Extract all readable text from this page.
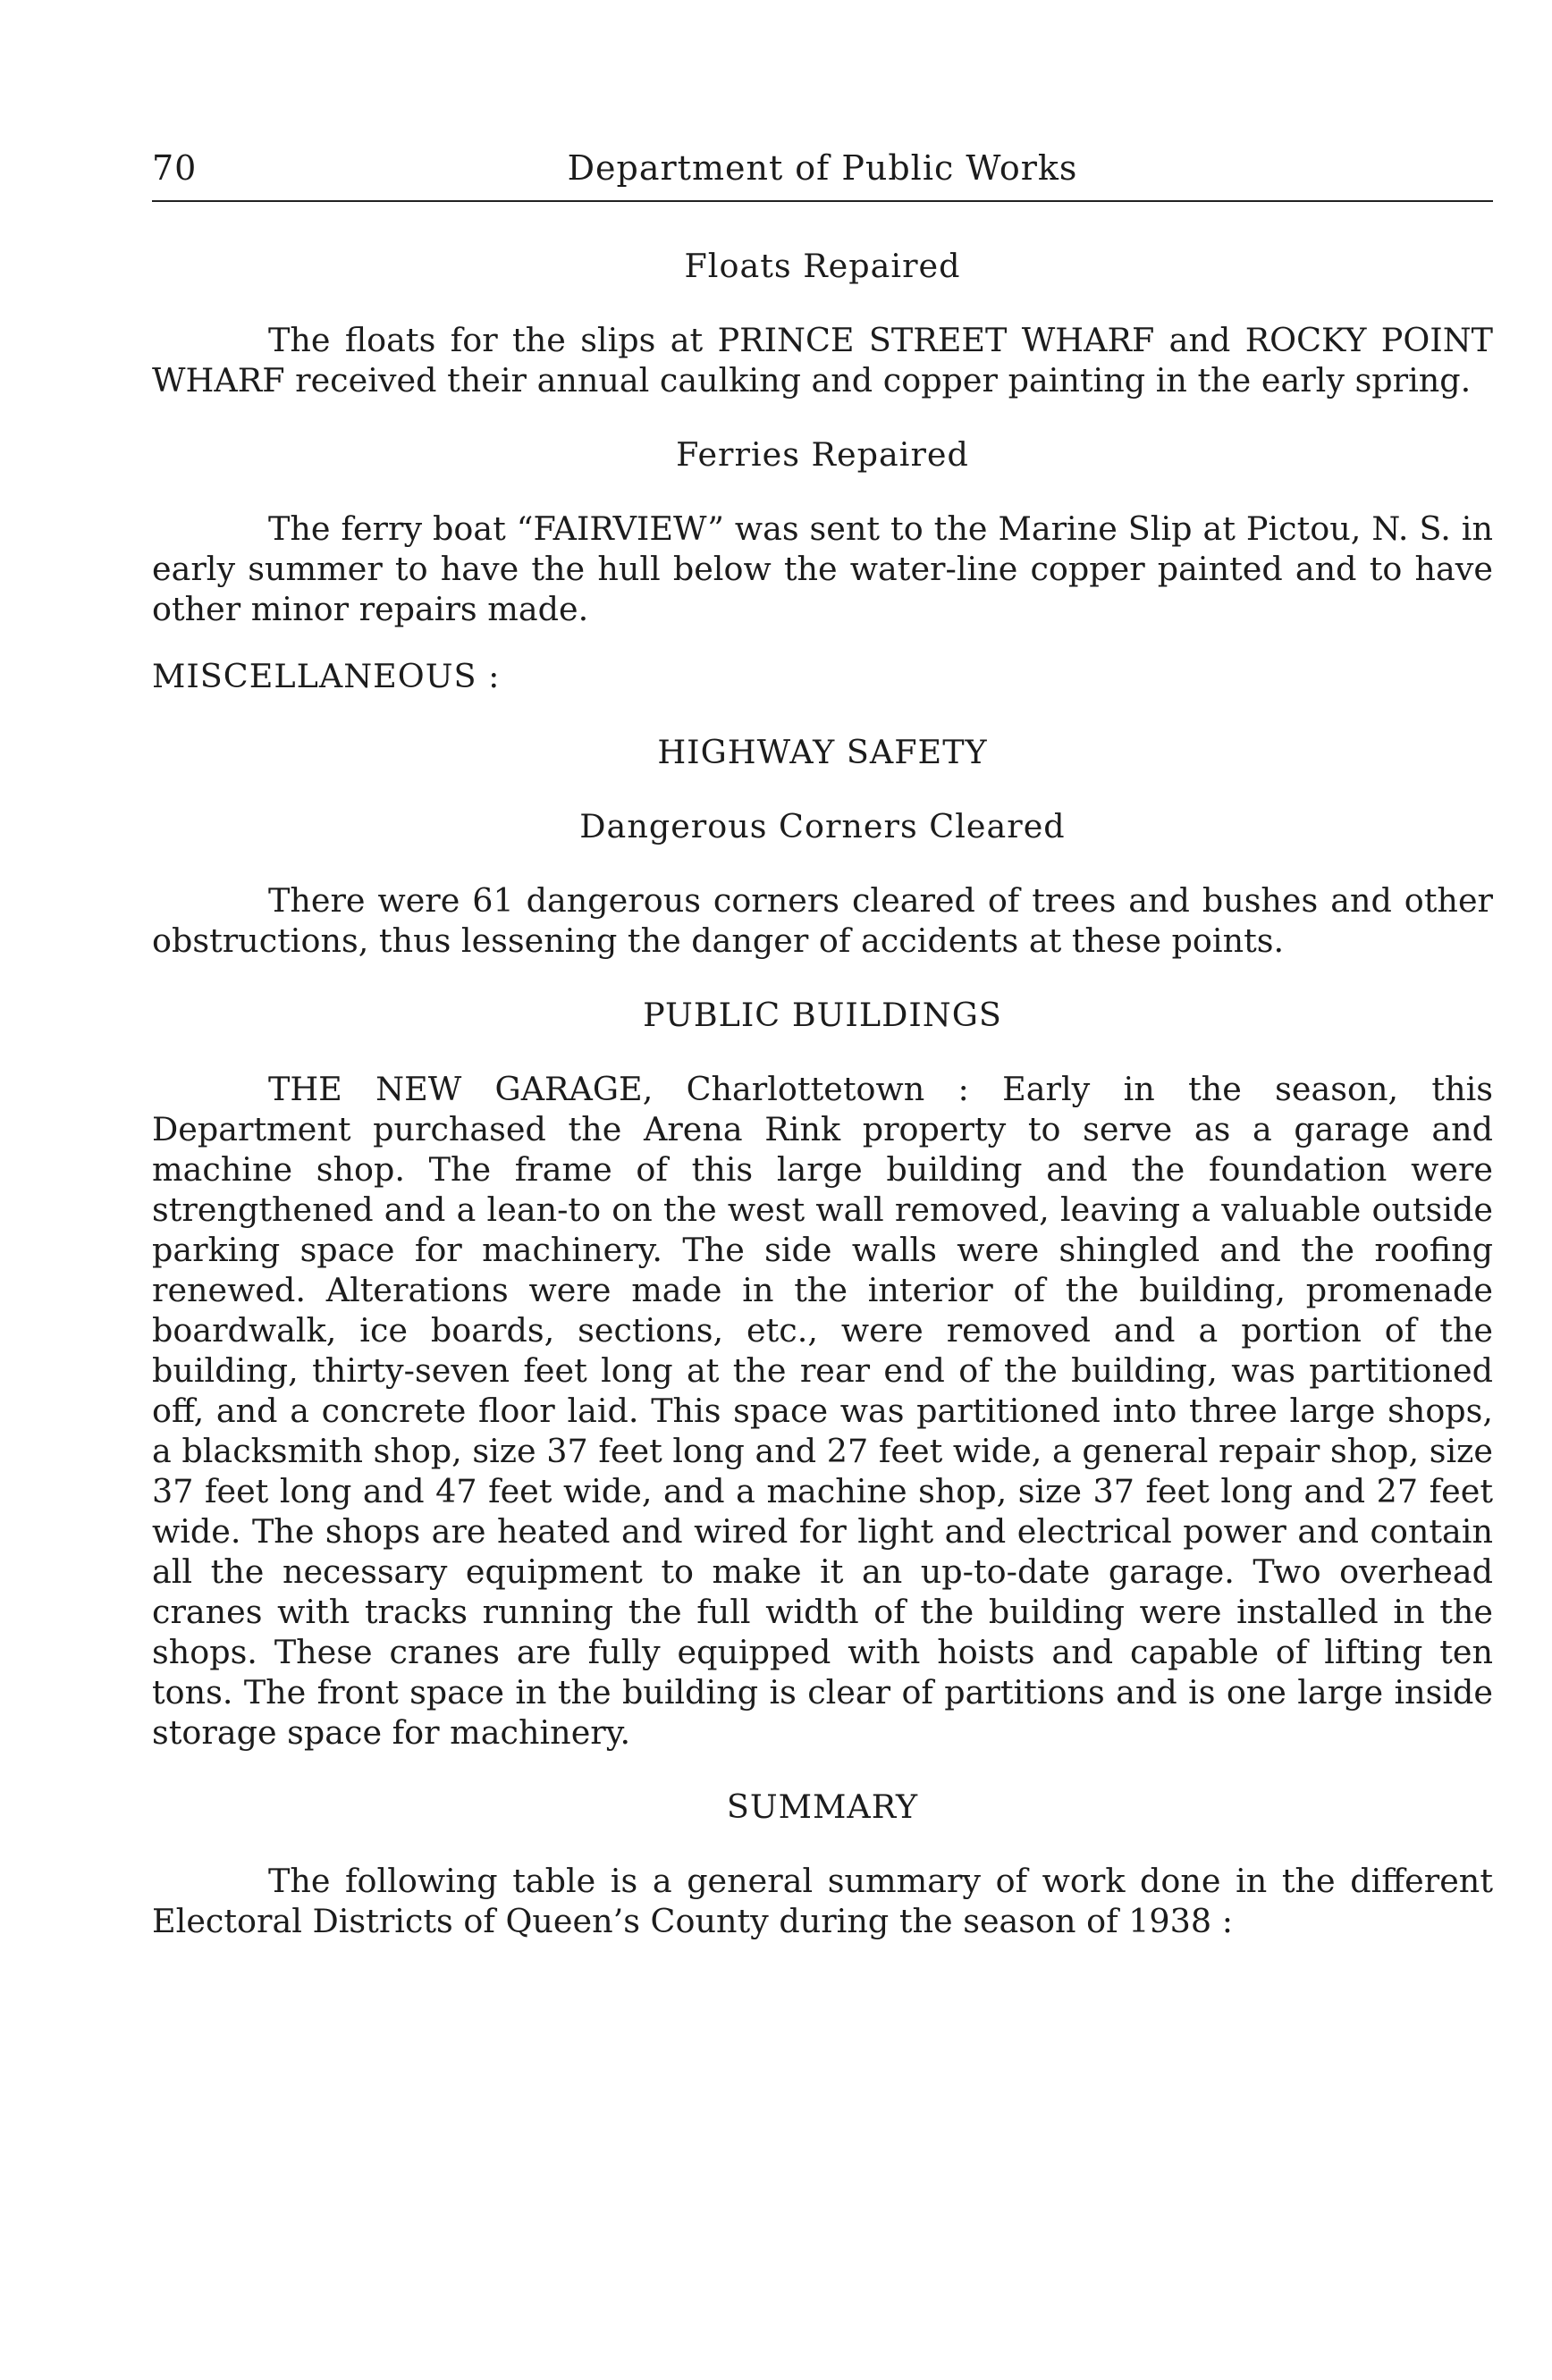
70	Department of Public Works
Floats Repaired

The floats for the slips at PRINCE STREET WHARF and ROCKY POINT WHARF received their annual caulking and copper painting in the early spring.

Ferries Repaired

The ferry boat “FAIRVIEW” was sent to the Marine Slip at Pictou, N. S. in early summer to have the hull below the water-line copper painted and to have other minor repairs made.

MISCELLANEOUS :
HIGHWAY SAFETY
Dangerous Corners Cleared

There were 61 dangerous corners cleared of trees and bushes and other obstructions, thus lessening the danger of accidents at these points.

PUBLIC BUILDINGS

THE NEW GARAGE, Charlottetown : Early in the season, this Department purchased the Arena Rink property to serve as a garage and machine shop. The frame of this large building and the foundation were strengthened and a lean-to on the west wall removed, leaving a valuable outside parking space for machinery. The side walls were shingled and the roofing renewed. Alterations were made in the interior of the building, promenade boardwalk, ice boards, sections, etc., were removed and a portion of the building, thirty-seven feet long at the rear end of the building, was partitioned off, and a concrete floor laid. This space was partitioned into three large shops, a blacksmith shop, size 37 feet long and 27 feet wide, a general repair shop, size 37 feet long and 47 feet wide, and a machine shop, size 37 feet long and 27 feet wide. The shops are heated and wired for light and electrical power and contain all the necessary equipment to make it an up-to-date garage. Two overhead cranes with tracks running the full width of the building were installed in the shops. These cranes are fully equipped with hoists and capable of lifting ten tons. The front space in the building is clear of partitions and is one large inside storage space for machinery.

SUMMARY

The following table is a general summary of work done in the different Electoral Districts of Queen’s County during the season of 1938 :
